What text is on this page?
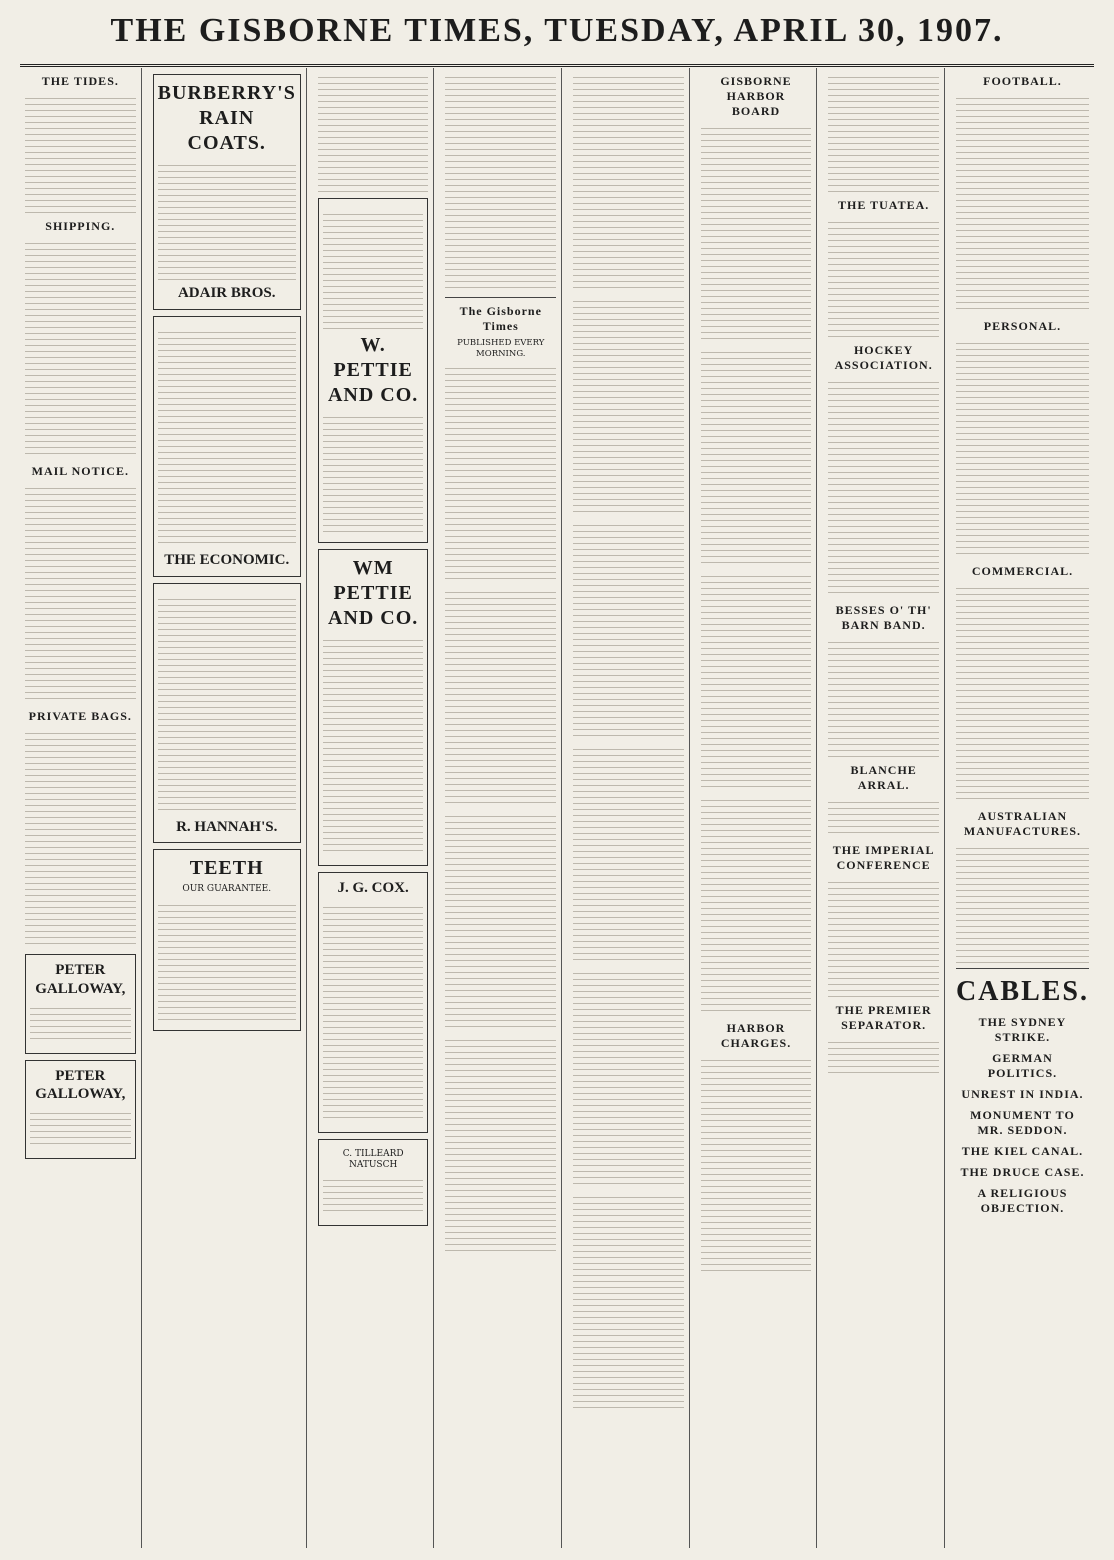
THE GISBORNE TIMES, TUESDAY, APRIL 30, 1907.
THE TIDES.
SHIPPING.
MAIL NOTICE.
PRIVATE BAGS.
PETER GALLOWAY,
PETER GALLOWAY,
BURBERRY'S
RAIN COATS.
ADAIR BROS.
THE ECONOMIC.
R. HANNAH'S.
TEETH
OUR GUARANTEE.
W. PETTIE AND CO.
WM PETTIE AND CO.
J. G. COX.
C. TILLEARD NATUSCH
The Gisborne Times
PUBLISHED EVERY MORNING.
GISBORNE HARBOR BOARD
HARBOR CHARGES.
THE TUATEA.
HOCKEY ASSOCIATION.
BESSES O' TH' BARN BAND.
BLANCHE ARRAL.
THE IMPERIAL CONFERENCE
THE PREMIER SEPARATOR.
FOOTBALL.
PERSONAL.
COMMERCIAL.
AUSTRALIAN MANUFACTURES.
CABLES.
THE SYDNEY STRIKE.
GERMAN POLITICS.
UNREST IN INDIA.
MONUMENT TO MR. SEDDON.
THE KIEL CANAL.
THE DRUCE CASE.
A RELIGIOUS OBJECTION.
